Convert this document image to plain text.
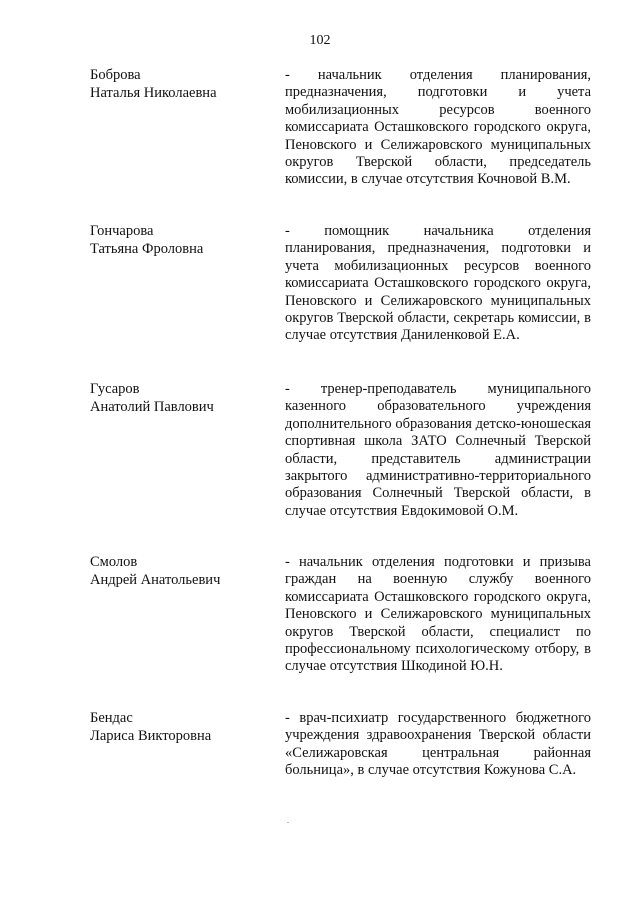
102
Боброва
Наталья Николаевна
- начальник отделения планирования, предназначения, подготовки и учета мобилизационных ресурсов военного комиссариата Осташковского городского округа, Пеновского и Селижаровского муниципальных округов Тверской области, председатель комиссии, в случае отсутствия Кочновой В.М.
Гончарова
Татьяна Фроловна
- помощник начальника отделения планирования, предназначения, подготовки и учета мобилизационных ресурсов военного комиссариата Осташковского городского округа, Пеновского и Селижаровского муниципальных округов Тверской области, секретарь комиссии, в случае отсутствия Даниленковой Е.А.
Гусаров
Анатолий Павлович
- тренер-преподаватель муниципального казенного образовательного учреждения дополнительного образования детско-юношеская спортивная школа ЗАТО Солнечный Тверской области, представитель администрации закрытого административно-территориального образования Солнечный Тверской области, в случае отсутствия Евдокимовой О.М.
Смолов
Андрей Анатольевич
- начальник отделения подготовки и призыва граждан на военную службу военного комиссариата Осташковского городского округа, Пеновского и Селижаровского муниципальных округов Тверской области, специалист по профессиональному психологическому отбору, в случае отсутствия Шкодиной Ю.Н.
Бендас
Лариса Викторовна
- врач-психиатр государственного бюджетного учреждения здравоохранения Тверской области «Селижаровская центральная районная больница», в случае отсутствия Кожунова С.А.
